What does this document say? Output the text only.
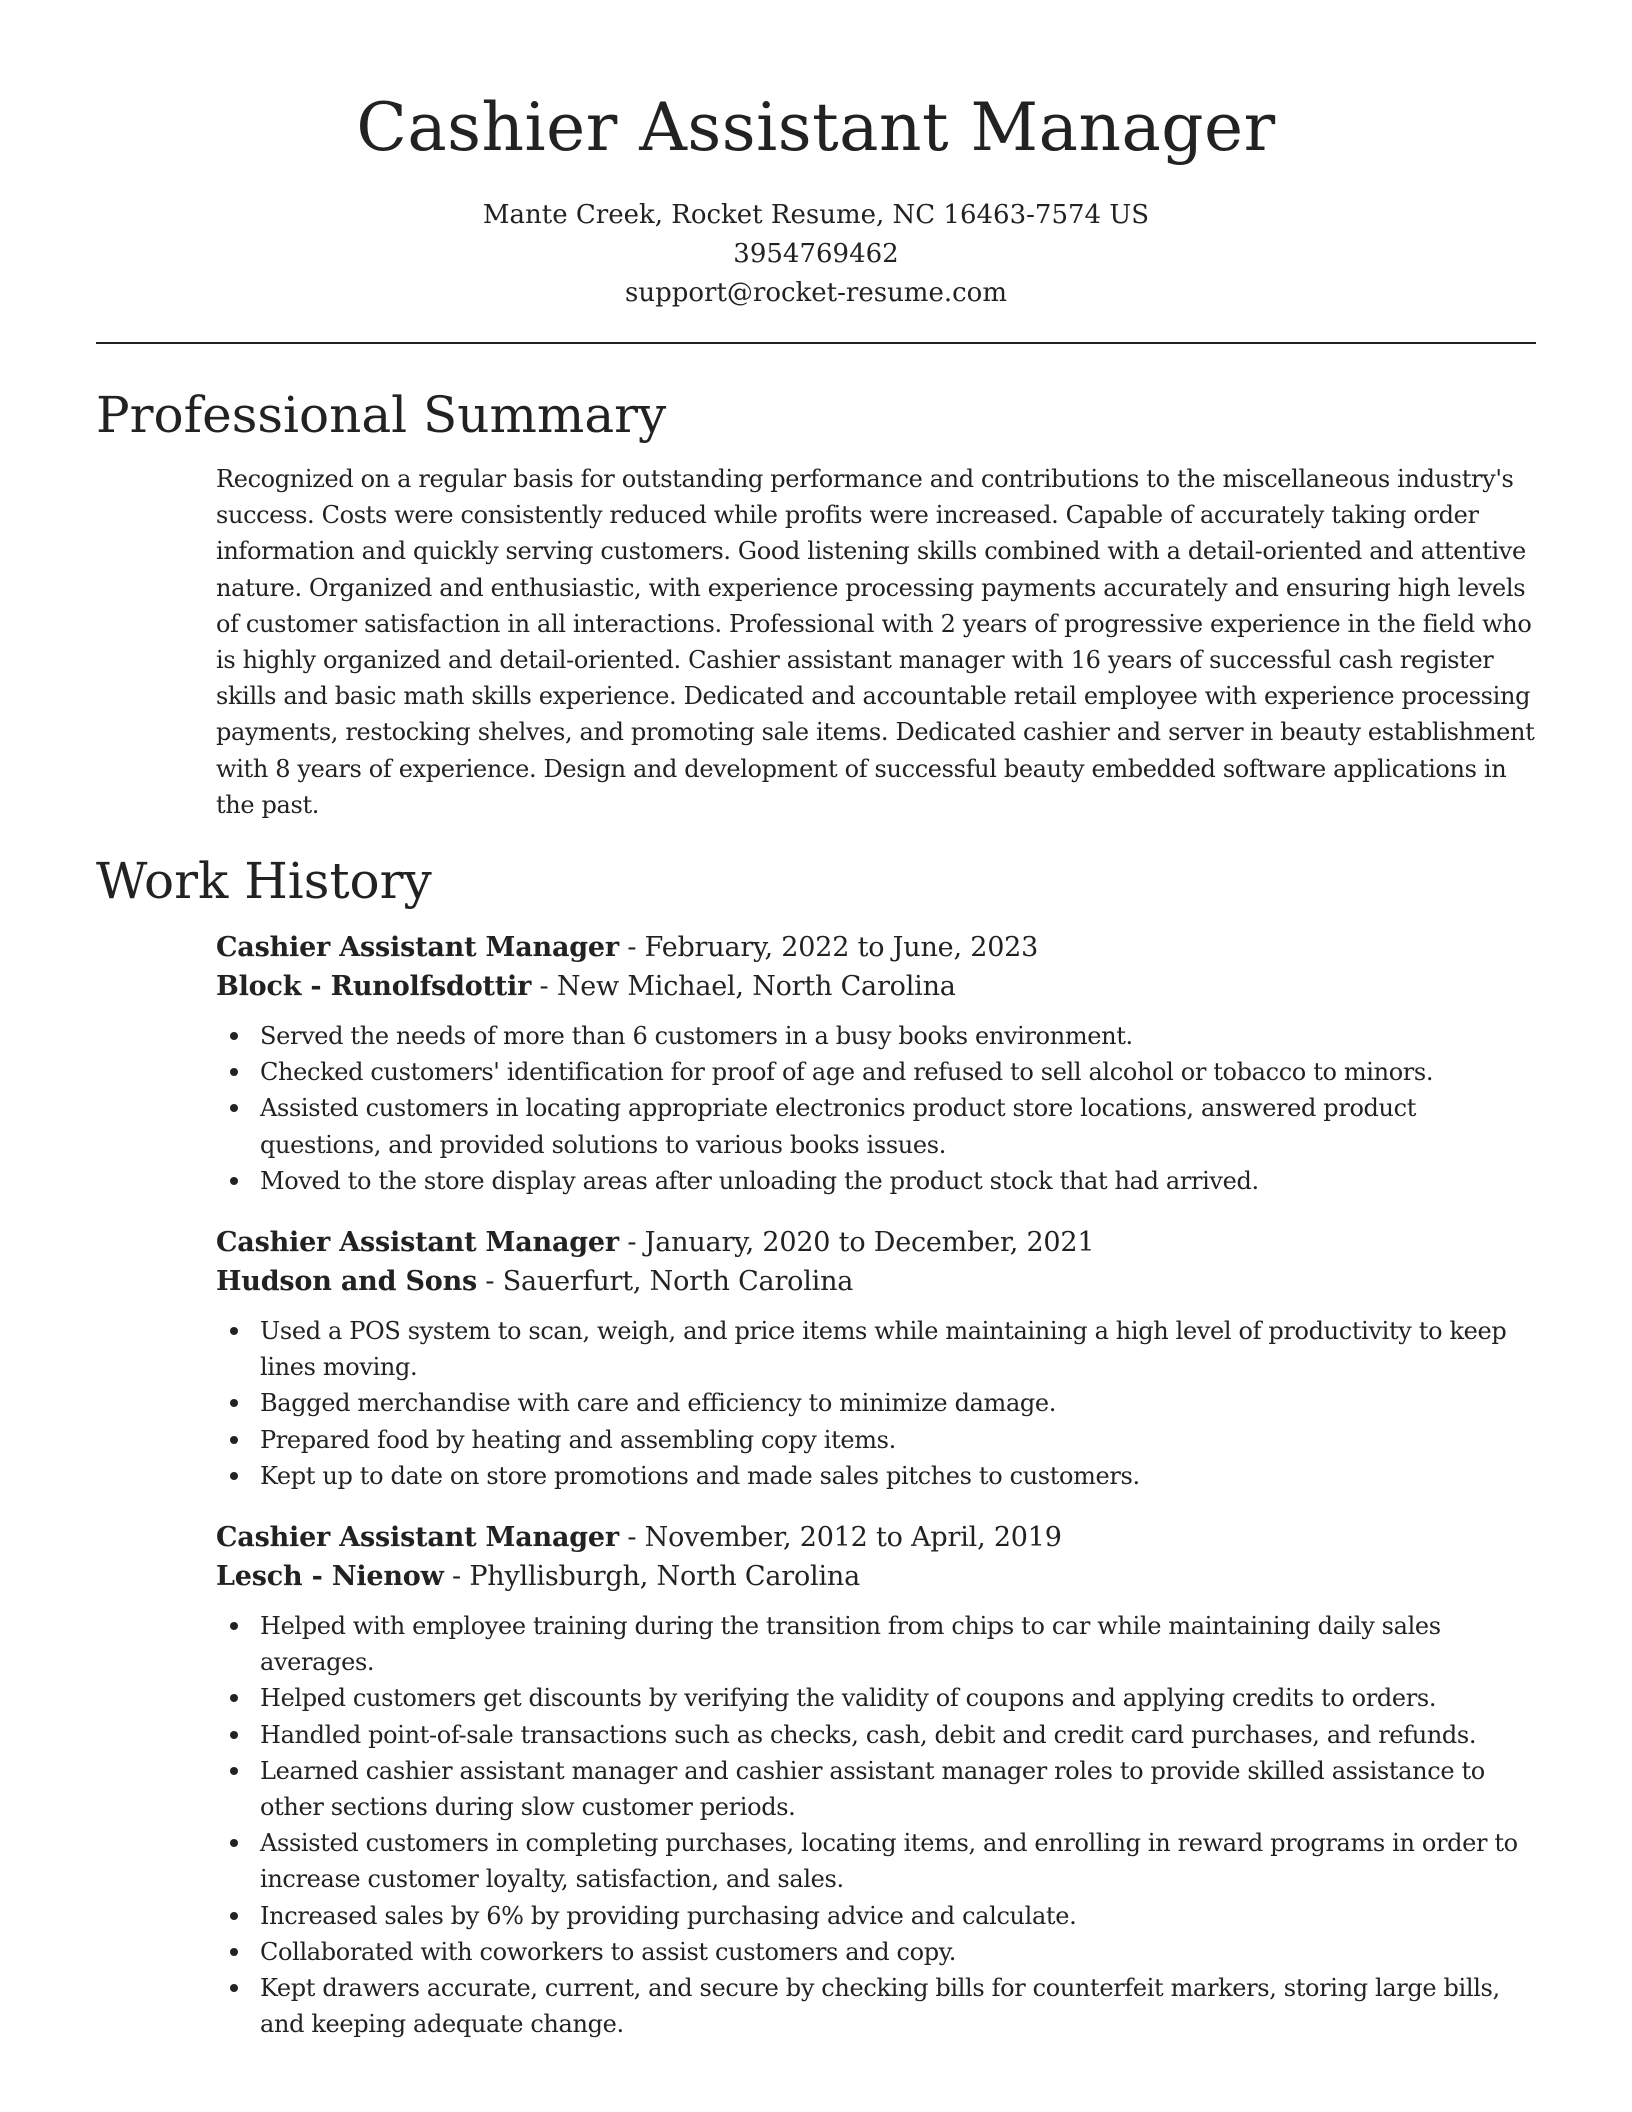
Cashier Assistant Manager
Mante Creek, Rocket Resume, NC 16463-7574 US
3954769462
support@rocket-resume.com
Professional Summary

Recognized on a regular basis for outstanding performance and contributions to the miscellaneous industry's success. Costs were consistently reduced while profits were increased. Capable of accurately taking order information and quickly serving customers. Good listening skills combined with a detail-oriented and attentive nature. Organized and enthusiastic, with experience processing payments accurately and ensuring high levels of customer satisfaction in all interactions. Professional with 2 years of progressive experience in the field who is highly organized and detail-oriented. Cashier assistant manager with 16 years of successful cash register skills and basic math skills experience. Dedicated and accountable retail employee with experience processing payments, restocking shelves, and promoting sale items. Dedicated cashier and server in beauty establishment with 8 years of experience. Design and development of successful beauty embedded software applications in the past.

Work History
Cashier Assistant Manager - February, 2022 to June, 2023
Block - Runolfsdottir - New Michael, North Carolina
Served the needs of more than 6 customers in a busy books environment.
Checked customers' identification for proof of age and refused to sell alcohol or tobacco to minors.
Assisted customers in locating appropriate electronics product store locations, answered product questions, and provided solutions to various books issues.
Moved to the store display areas after unloading the product stock that had arrived.
Cashier Assistant Manager - January, 2020 to December, 2021
Hudson and Sons - Sauerfurt, North Carolina
Used a POS system to scan, weigh, and price items while maintaining a high level of productivity to keep lines moving.
Bagged merchandise with care and efficiency to minimize damage.
Prepared food by heating and assembling copy items.
Kept up to date on store promotions and made sales pitches to customers.
Cashier Assistant Manager - November, 2012 to April, 2019
Lesch - Nienow - Phyllisburgh, North Carolina
Helped with employee training during the transition from chips to car while maintaining daily sales averages.
Helped customers get discounts by verifying the validity of coupons and applying credits to orders.
Handled point-of-sale transactions such as checks, cash, debit and credit card purchases, and refunds.
Learned cashier assistant manager and cashier assistant manager roles to provide skilled assistance to other sections during slow customer periods.
Assisted customers in completing purchases, locating items, and enrolling in reward programs in order to increase customer loyalty, satisfaction, and sales.
Increased sales by 6% by providing purchasing advice and calculate.
Collaborated with coworkers to assist customers and copy.
Kept drawers accurate, current, and secure by checking bills for counterfeit markers, storing large bills, and keeping adequate change.
